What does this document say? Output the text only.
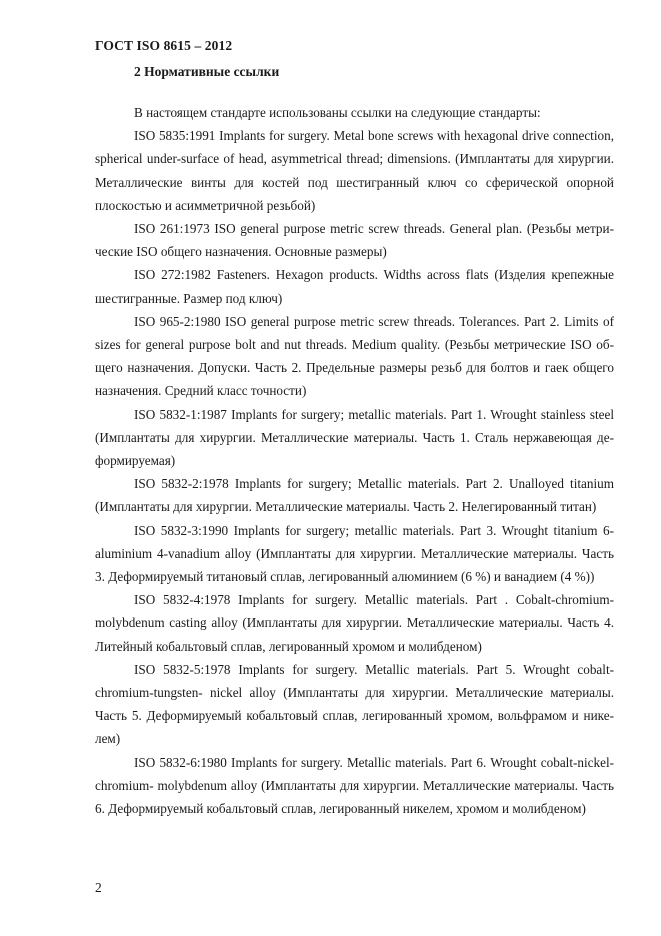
ГОСТ ISO 8615 – 2012
2 Нормативные ссылки

В настоящем стандарте использованы ссылки на следующие стандарты:

ISO 5835:1991 Implants for surgery. Metal bone screws with hexagonal drive connection, spherical under-surface of head, asymmetrical thread; dimensions. (Имплантаты для хирургии. Металлические винты для костей под шестигранный ключ со сферической опорной плоскостью и асимметричной резьбой)

ISO 261:1973 ISO general purpose metric screw threads. General plan. (Резьбы метрические ISO общего назначения. Основные размеры)

ISO 272:1982 Fasteners. Hexagon products. Widths across flats (Изделия крепежные шестигранные. Размер под ключ)

ISO 965-2:1980 ISO general purpose metric screw threads. Tolerances. Part 2. Limits of sizes for general purpose bolt and nut threads. Medium quality. (Резьбы метрические ISO общего назначения. Допуски. Часть 2. Предельные размеры резьб для болтов и гаек общего назначения. Средний класс точности)

ISO 5832-1:1987 Implants for surgery; metallic materials. Part 1. Wrought stainless steel (Имплантаты для хирургии. Металлические материалы. Часть 1. Сталь нержавеющая деформируемая)

ISO 5832-2:1978 Implants for surgery; Metallic materials. Part 2. Unalloyed titanium (Имплантаты для хирургии. Металлические материалы. Часть 2. Нелегированный титан)

ISO 5832-3:1990 Implants for surgery; metallic materials. Part 3. Wrought titanium 6-aluminium 4-vanadium alloy (Имплантаты для хирургии. Металлические материалы. Часть 3. Деформируемый титановый сплав, легированный алюминием (6 %) и ванадием (4 %))

ISO 5832-4:1978 Implants for surgery. Metallic materials. Part . Cobalt-chromium-molybdenum casting alloy (Имплантаты для хирургии. Металлические материалы. Часть 4. Литейный кобальтовый сплав, легированный хромом и молибденом)

ISO 5832-5:1978 Implants for surgery. Metallic materials. Part 5. Wrought cobalt-chromium-tungsten- nickel alloy (Имплантаты для хирургии. Металлические материалы. Часть 5. Деформируемый кобальтовый сплав, легированный хромом, вольфрамом и никелем)

ISO 5832-6:1980 Implants for surgery. Metallic materials. Part 6. Wrought cobalt-nickel-chromium- molybdenum alloy (Имплантаты для хирургии. Металлические материалы. Часть 6. Деформируемый кобальтовый сплав, легированный никелем, хромом и молибденом)

2
